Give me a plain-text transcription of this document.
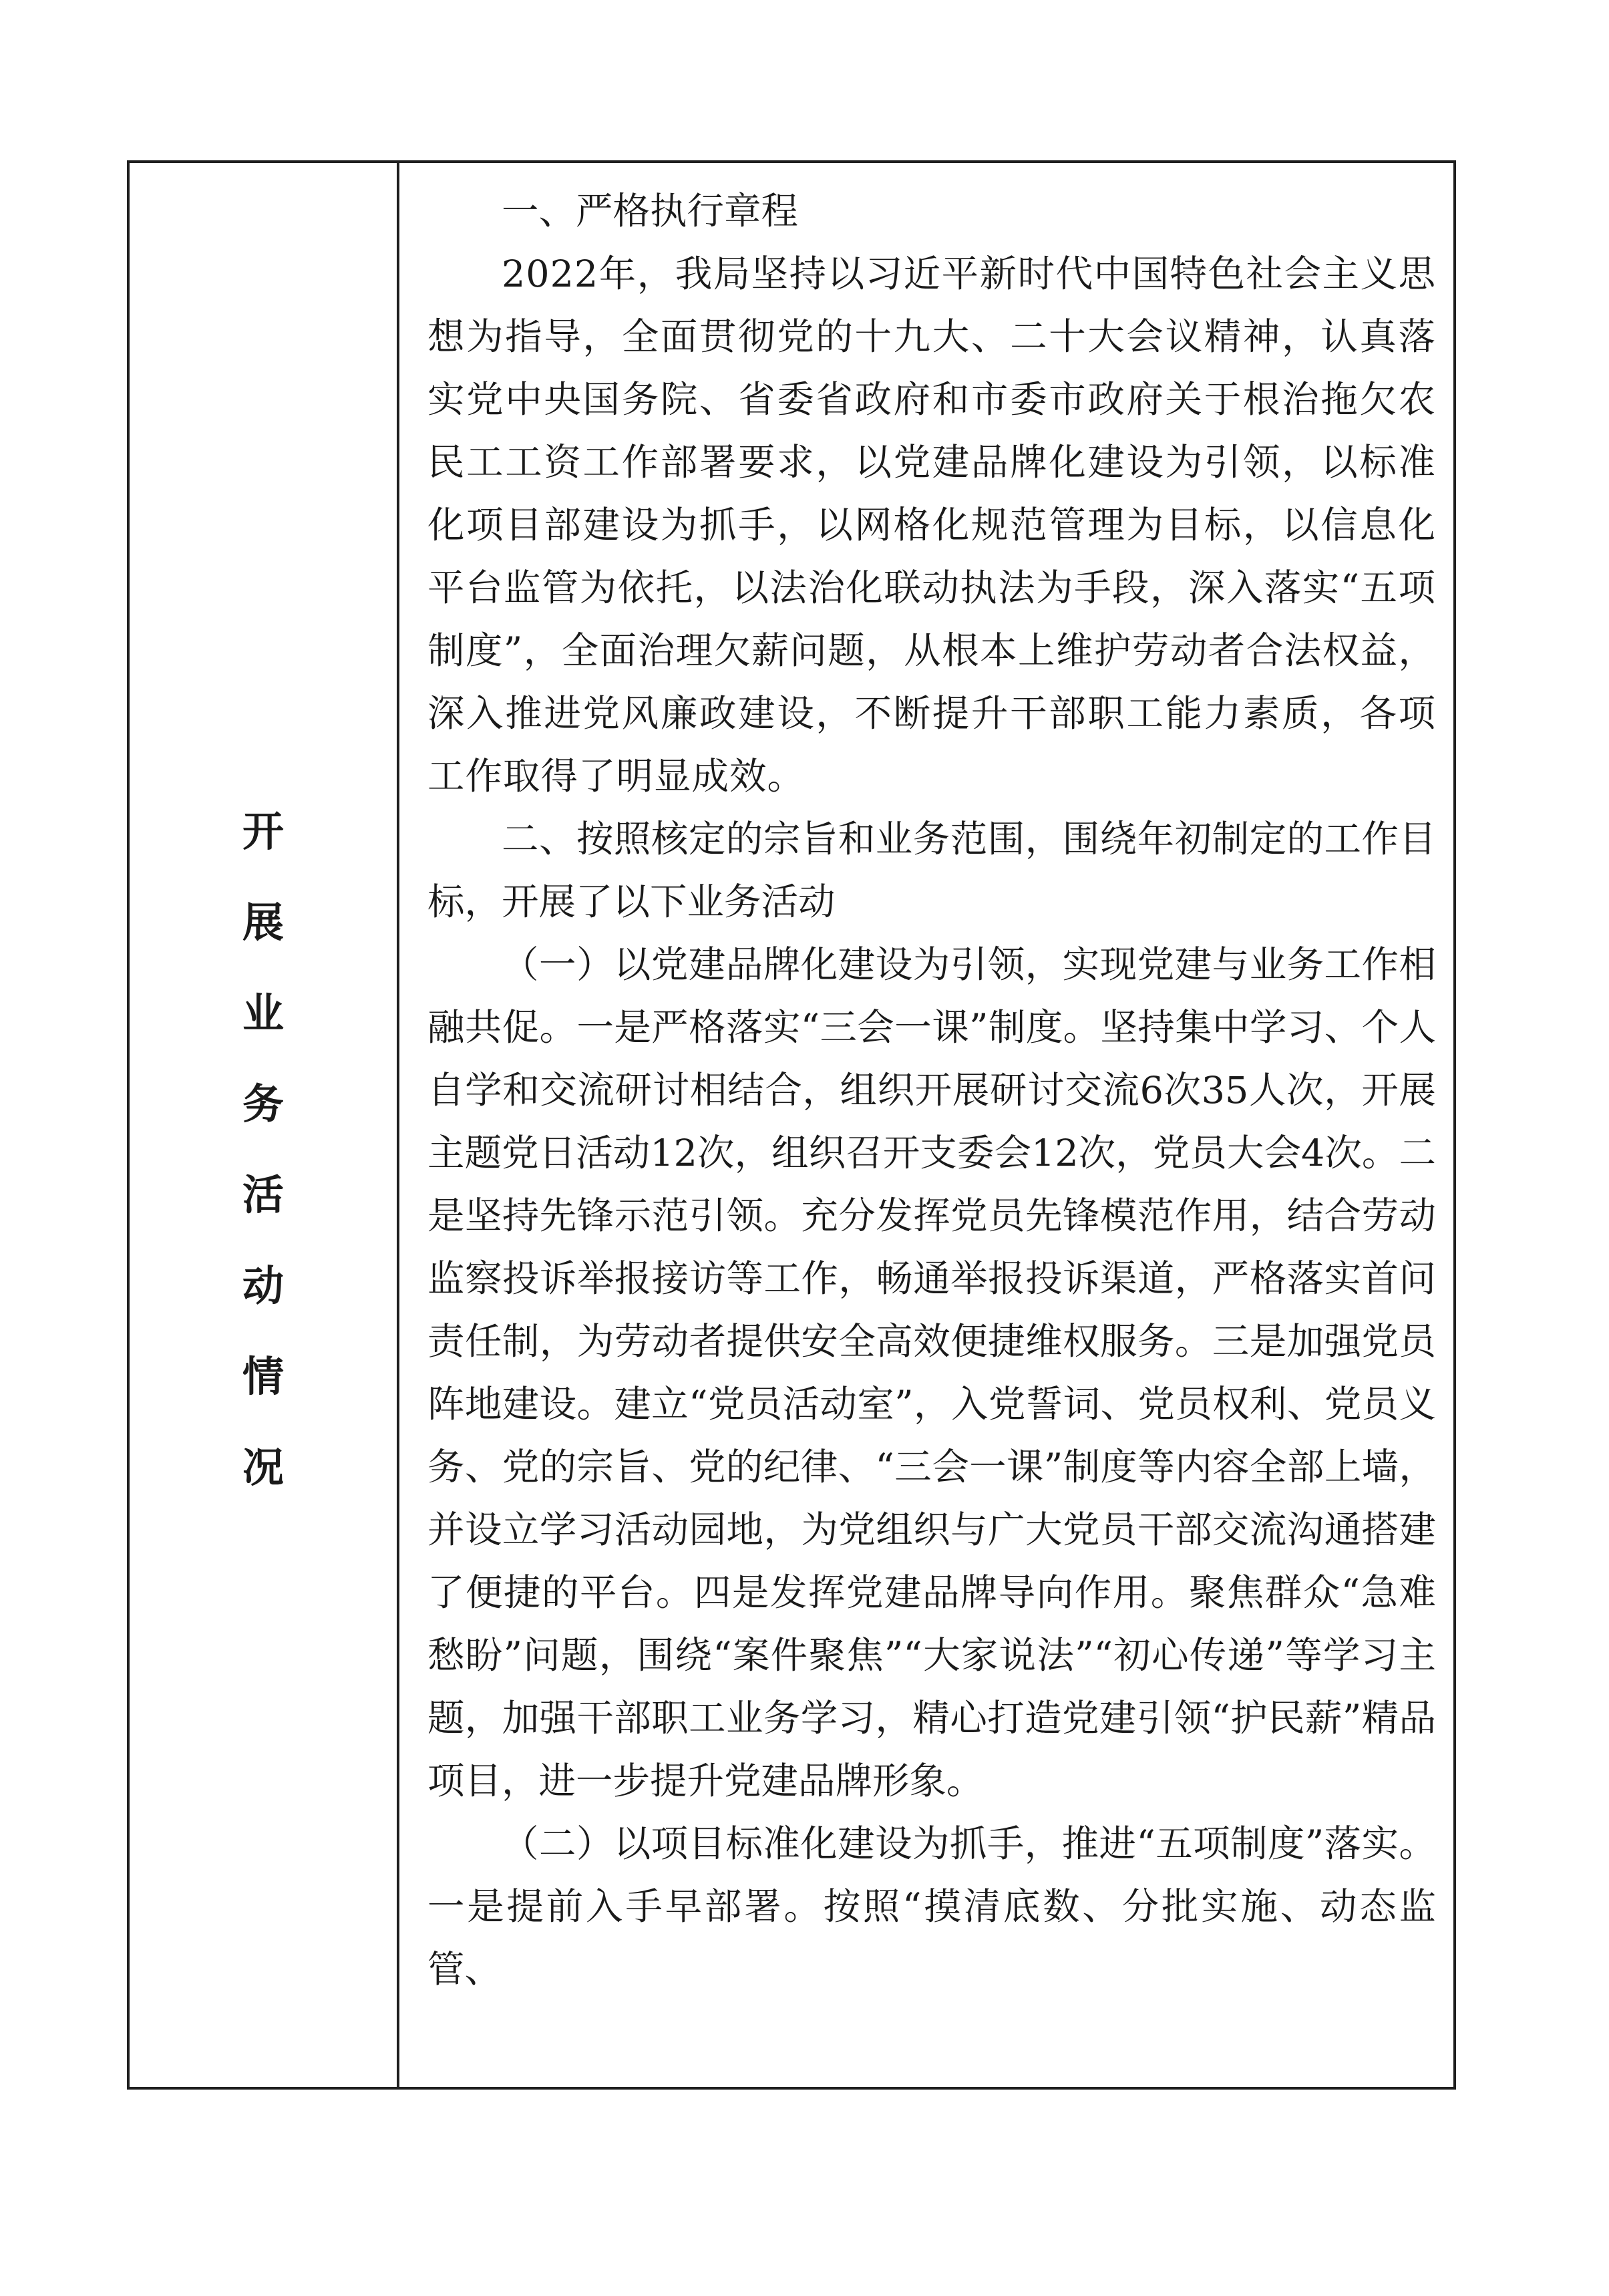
开
展
业
务
活
动
情
况

一、严格执行章程

2022年，我局坚持以习近平新时代中国特色社会主义思想为指导，全面贯彻党的十九大、二十大会议精神，认真落实党中央国务院、省委省政府和市委市政府关于根治拖欠农民工工资工作部署要求，以党建品牌化建设为引领，以标准化项目部建设为抓手，以网格化规范管理为目标，以信息化平台监管为依托，以法治化联动执法为手段，深入落实“五项制度”，全面治理欠薪问题，从根本上维护劳动者合法权益，深入推进党风廉政建设，不断提升干部职工能力素质，各项工作取得了明显成效。

二、按照核定的宗旨和业务范围，围绕年初制定的工作目标，开展了以下业务活动

（一）以党建品牌化建设为引领，实现党建与业务工作相融共促。一是严格落实“三会一课”制度。坚持集中学习、个人自学和交流研讨相结合，组织开展研讨交流6次35人次，开展主题党日活动12次，组织召开支委会12次，党员大会4次。二是坚持先锋示范引领。充分发挥党员先锋模范作用，结合劳动监察投诉举报接访等工作，畅通举报投诉渠道，严格落实首问责任制，为劳动者提供安全高效便捷维权服务。三是加强党员阵地建设。建立“党员活动室”，入党誓词、党员权利、党员义务、党的宗旨、党的纪律、“三会一课”制度等内容全部上墙，并设立学习活动园地，为党组织与广大党员干部交流沟通搭建了便捷的平台。四是发挥党建品牌导向作用。聚焦群众“急难愁盼”问题，围绕“案件聚焦”“大家说法”“初心传递”等学习主题，加强干部职工业务学习，精心打造党建引领“护民薪”精品项目，进一步提升党建品牌形象。

（二）以项目标准化建设为抓手，推进“五项制度”落实。一是提前入手早部署。按照“摸清底数、分批实施、动态监管、
